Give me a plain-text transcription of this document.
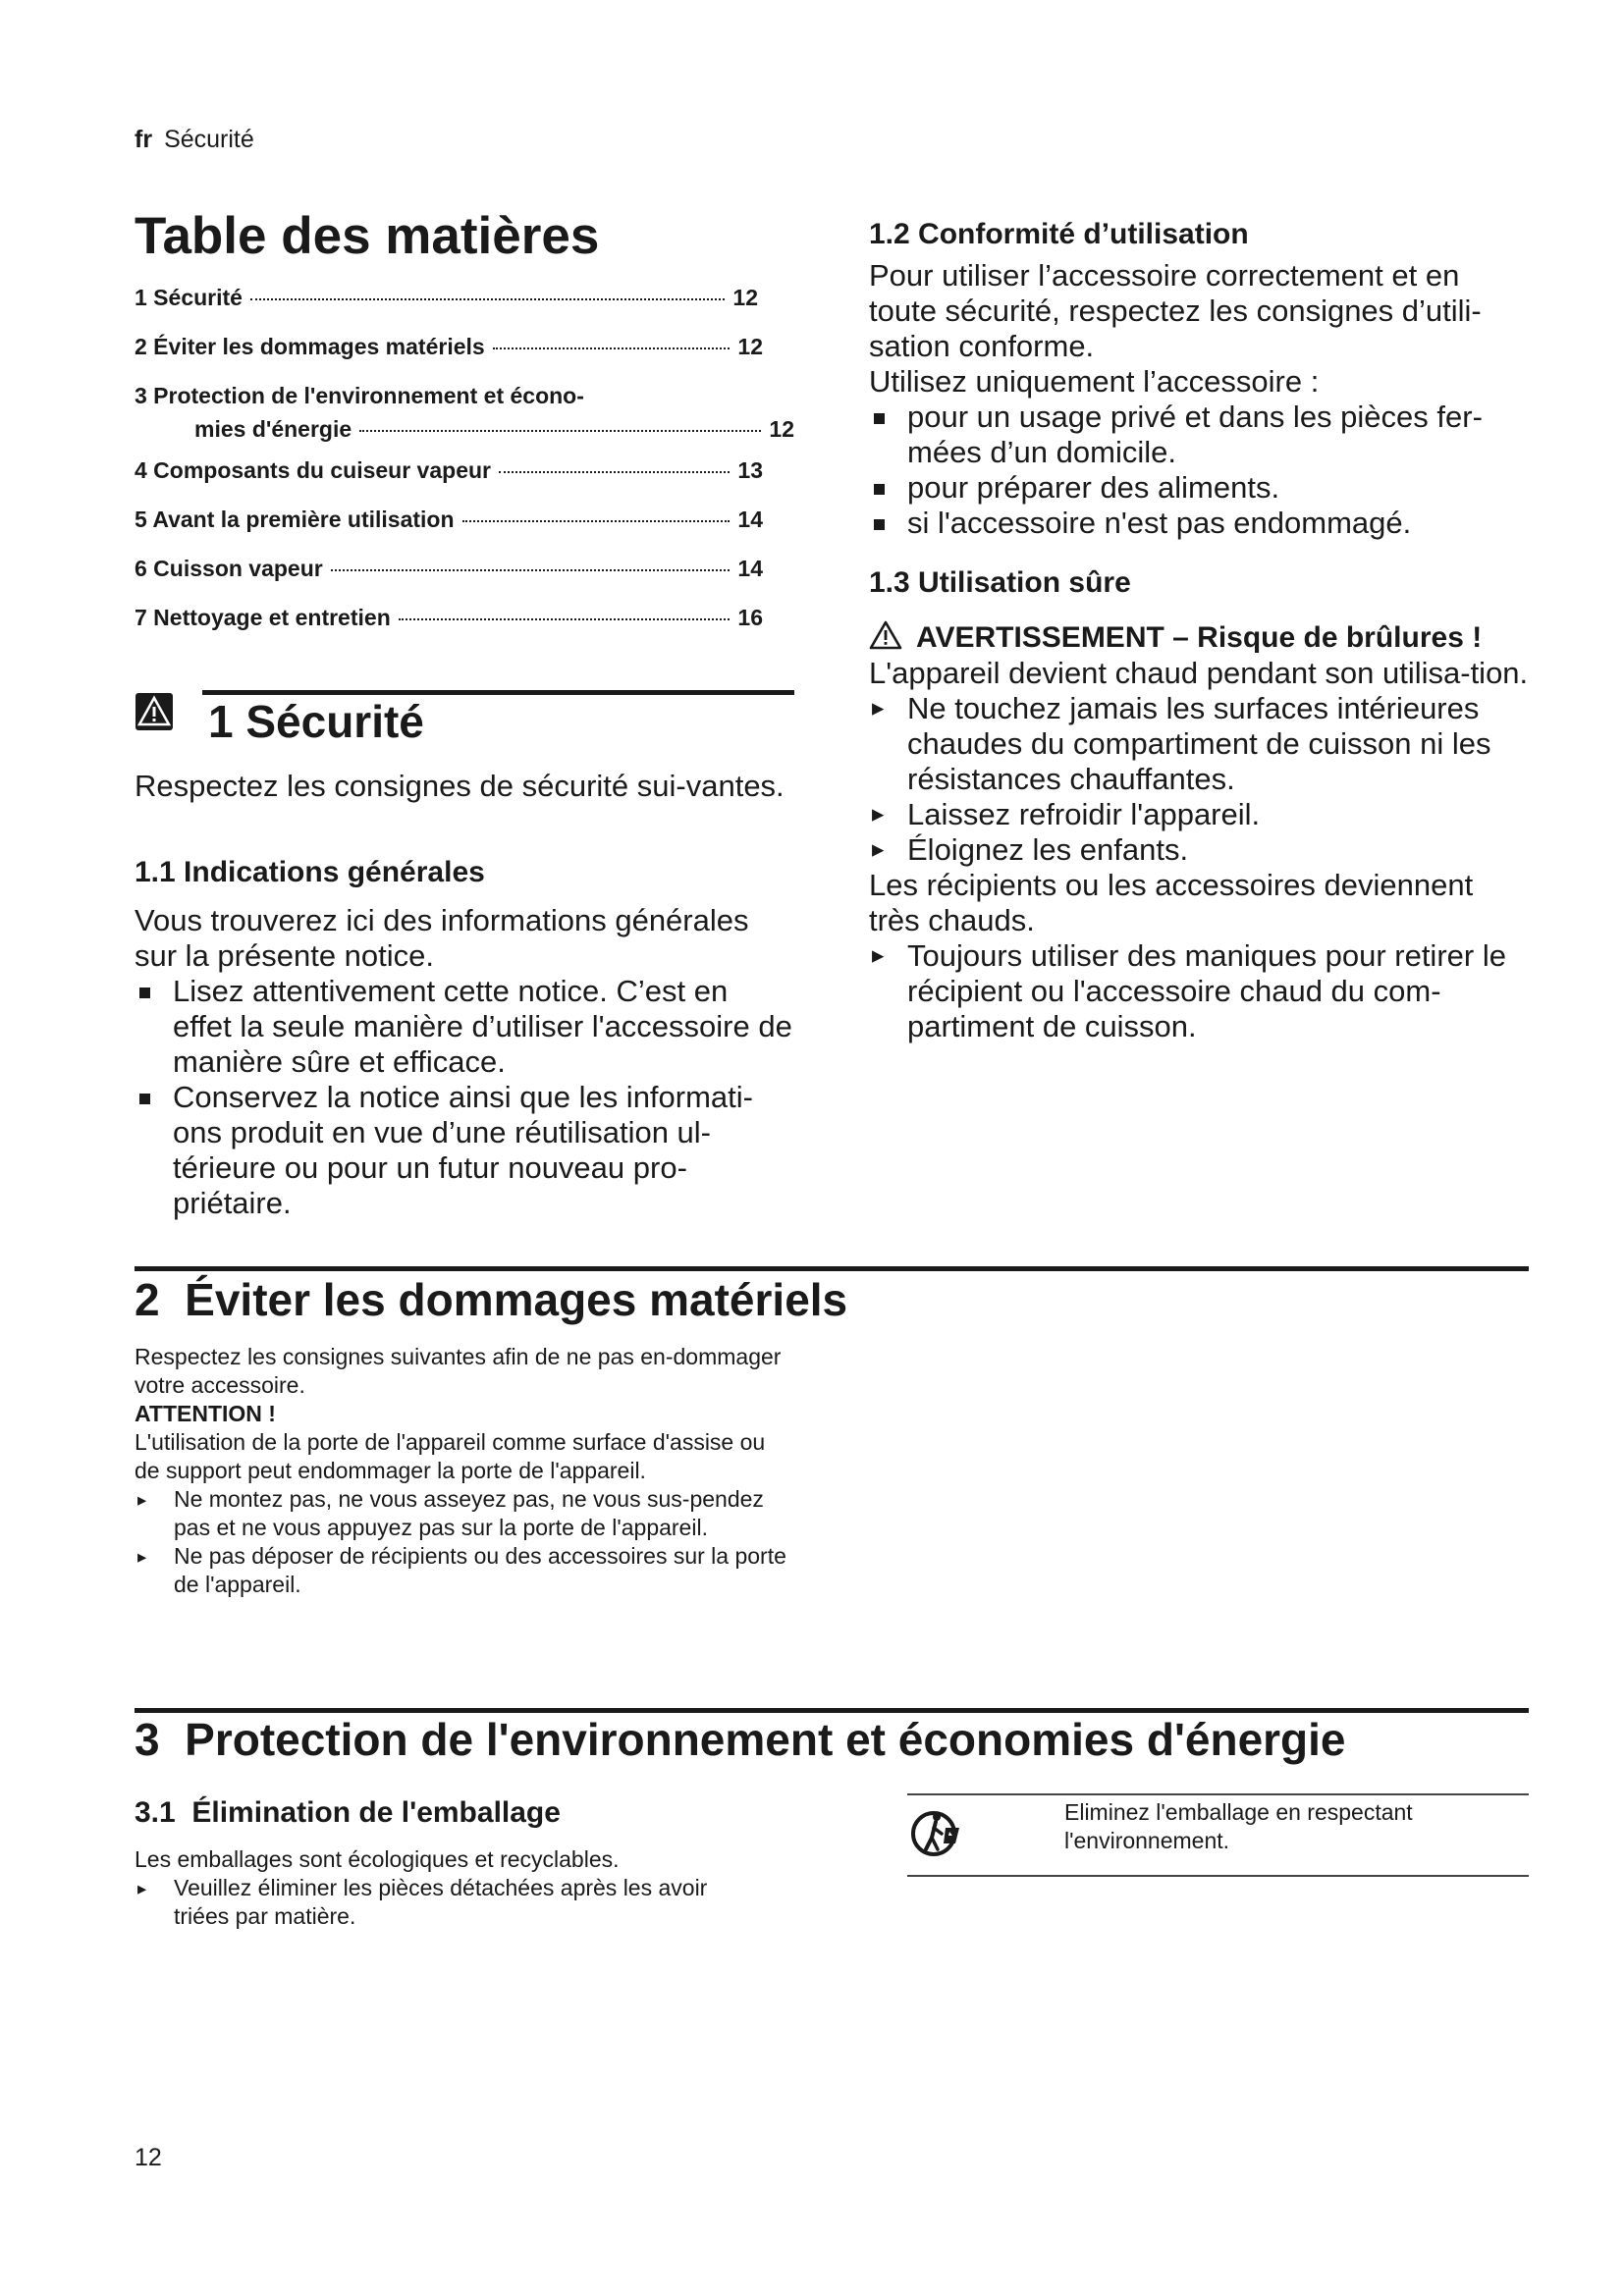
fr Sécurité
Table des matières
1 Sécurité	12
2 Éviter les dommages matériels	12
3 Protection de l'environnement et écono-
mies d'énergie	12
4 Composants du cuiseur vapeur	13
5 Avant la première utilisation	14
6 Cuisson vapeur	14
7 Nettoyage et entretien	16
1 Sécurité
Respectez les consignes de sécurité sui-vantes.
1.1 Indications générales
Vous trouverez ici des informations générales sur la présente notice.
Lisez attentivement cette notice. C’est en effet la seule manière d’utiliser l'accessoire de manière sûre et efficace.
Conservez la notice ainsi que les informati-ons produit en vue d’une réutilisation ul-térieure ou pour un futur nouveau pro-priétaire.
1.2 Conformité d’utilisation
Pour utiliser l’accessoire correctement et en toute sécurité, respectez les consignes d’utili-sation conforme.
Utilisez uniquement l’accessoire :
pour un usage privé et dans les pièces fer-mées d’un domicile.
pour préparer des aliments.
si l'accessoire n'est pas endommagé.
1.3 Utilisation sûre
AVERTISSEMENT – Risque de brûlures !
L'appareil devient chaud pendant son utilisa-tion.
▸ Ne touchez jamais les surfaces intérieures chaudes du compartiment de cuisson ni les résistances chauffantes.
▸ Laissez refroidir l'appareil.
▸ Éloignez les enfants.
Les récipients ou les accessoires deviennent très chauds.
▸ Toujours utiliser des maniques pour retirer le récipient ou l'accessoire chaud du com-partiment de cuisson.
2  Éviter les dommages matériels
Respectez les consignes suivantes afin de ne pas en-dommager votre accessoire.
ATTENTION !
L'utilisation de la porte de l'appareil comme surface d'assise ou de support peut endommager la porte de l'appareil.
▸ Ne montez pas, ne vous asseyez pas, ne vous sus-pendez pas et ne vous appuyez pas sur la porte de l'appareil.
▸ Ne pas déposer de récipients ou des accessoires sur la porte de l'appareil.
3  Protection de l'environnement et économies d'énergie
3.1  Élimination de l'emballage
Les emballages sont écologiques et recyclables.
▸ Veuillez éliminer les pièces détachées après les avoir triées par matière.
Eliminez l'emballage en respectant l'environnement.
12
